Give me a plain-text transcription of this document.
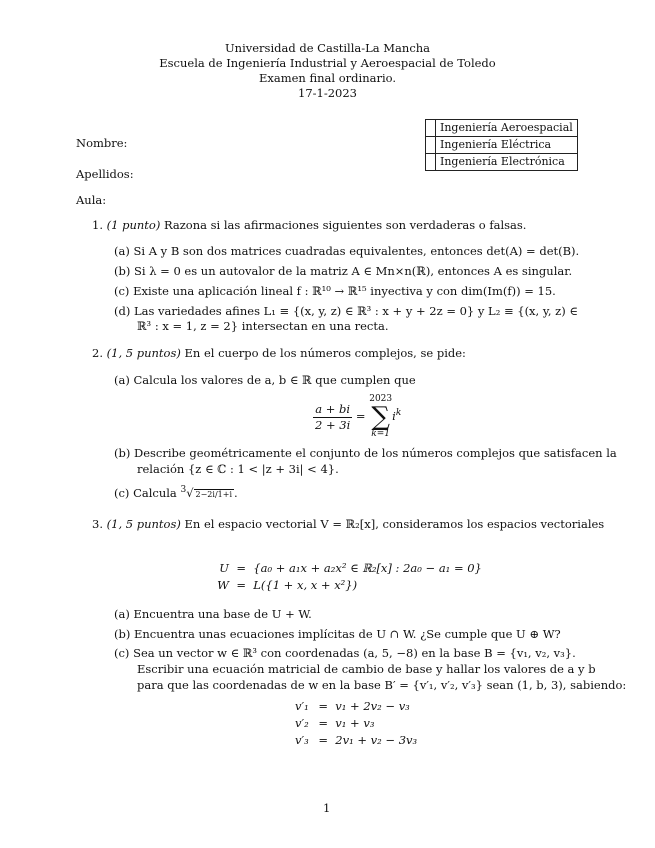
Universidad de Castilla-La Mancha
Escuela de Ingeniería Industrial y Aeroespacial de Toledo
Examen final ordinario.
17-1-2023
	Ingeniería Aeroespacial
	Ingeniería Eléctrica
	Ingeniería Electrónica
Nombre:
Apellidos:
Aula:
1. (1 punto) Razona si las afirmaciones siguientes son verdaderas o falsas.
(a) Si A y B son dos matrices cuadradas equivalentes, entonces det(A) = det(B).
(b) Si λ = 0 es un autovalor de la matriz A ∈ Mn×n(ℝ), entonces A es singular.
(c) Existe una aplicación lineal f : ℝ¹⁰ → ℝ¹⁵ inyectiva y con dim(Im(f)) = 15.
(d) Las variedades afines L₁ ≡ {(x, y, z) ∈ ℝ³ : x + y + 2z = 0} y L₂ ≡ {(x, y, z) ∈
ℝ³ : x = 1, z = 2} intersectan en una recta.
2. (1, 5 puntos) En el cuerpo de los números complejos, se pide:
(a) Calcula los valores de a, b ∈ ℝ que cumplen que
$\frac{a + bi}{2 + 3i} = 2023$
∑
$k=1i^k$
(b) Describe geométricamente el conjunto de los números complejos que satisfacen la
relación {z ∈ ℂ : 1 < |z + 3i| < 4}.
(c) Calcula $^3$√ 2−2i/1+i .
3. (1, 5 puntos) En el espacio vectorial V = ℝ₂[x], consideramos los espacios vectoriales
U = {a₀ + a₁x + a₂x² ∈ ℝ₂[x] : 2a₀ − a₁ = 0}
W = L({1 + x, x + x²})
(a) Encuentra una base de U + W.
(b) Encuentra unas ecuaciones implícitas de U ∩ W. ¿Se cumple que U ⊕ W?
(c) Sea un vector w ∈ ℝ³ con coordenadas (a, 5, −8) en la base B = {v₁, v₂, v₃}.
Escribir una ecuación matricial de cambio de base y hallar los valores de a y b
para que las coordenadas de w en la base B′ = {v′₁, v′₂, v′₃} sean (1, b, 3), sabiendo:
v′₁ = v₁ + 2v₂ − v₃
v′₂ = v₁ + v₃
v′₃ = 2v₁ + v₂ − 3v₃
1
